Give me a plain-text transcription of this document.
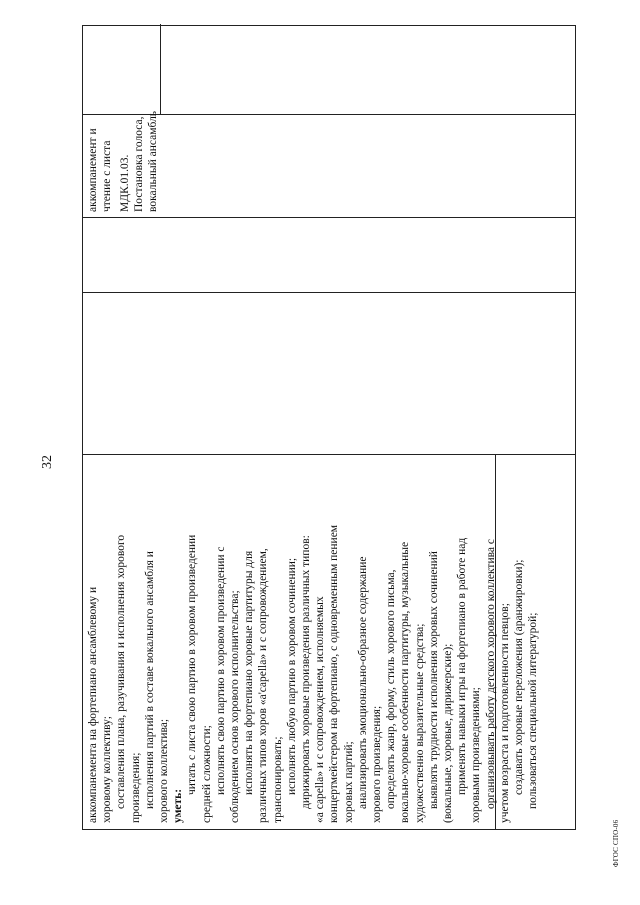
32
аккомпанемента на фортепиано ансамблевому и хоровому коллективу; составления плана, разучивания и исполнения хорового произведения; исполнения партий в составе вокального ансамбля и хорового коллектива; уметь:
читать с листа свою партию в хоровом произведении средней сложности; исполнять свою партию в хоровом произведении с соблюдением основ хорового исполнительства; исполнять на фортепиано хоровые партитуры для различных типов хоров «a'capella» и с сопровождением, транспонировать; исполнять любую партию в хоровом сочинении; дирижировать хоровые произведения различных типов: «a capella» и с сопровождением, исполняемых концертмейстером на фортепиано, с одновременным пением хоровых партий; анализировать эмоционально-образное содержание хорового произведения; определять жанр, форму, стиль хорового письма, вокально-хоровые особенности партитуры, музыкальные художественно выразительные средства; выявлять трудности исполнения хоровых сочинений (вокальные, хоровые, дирижерские); применять навыки игры на фортепиано в работе над хоровыми произведениями; организовывать работу детского хорового коллектива с учетом возраста и подготовленности певцов; создавать хоровые переложения (аранжировки); пользоваться специальной литературой;
аккомпанемент и чтение с листа МДК.01.03. Постановка голоса, вокальный ансамбль
ФГОС СПО-06
